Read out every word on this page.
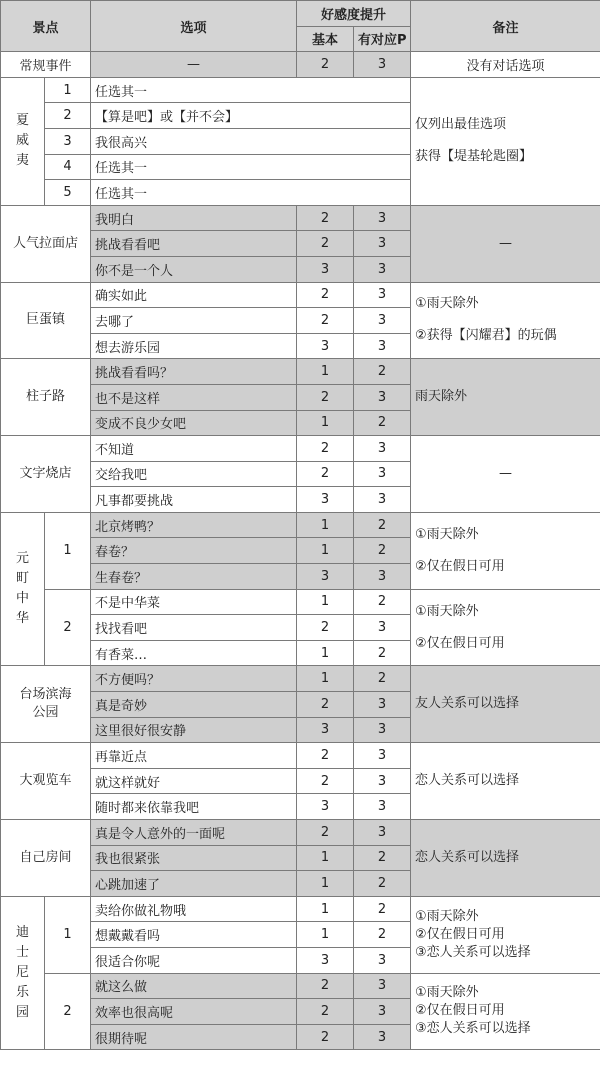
景点		选项	好感度提升		备注
			基本	有对应P	
常规事件		—	2	3	没有对话选项
夏威夷	1	任选其一			仅列出最佳选项
获得【堤基轮匙圈】

	2	【算是吧】或【并不会】			
	3	我很高兴			
	4	任选其一			
	5	任选其一			
人气拉面店		我明白	2	3	—

		挑战看看吧	2	3	
		你不是一个人	3	3	
巨蛋镇		确实如此	2	3	①雨天除外
②获得【闪耀君】的玩偶

		去哪了	2	3	
		想去游乐园	3	3	
柱子路		挑战看看吗？	1	2	雨天除外

		也不是这样	2	3	
		变成不良少女吧	1	2	
文字烧店		不知道	2	3	—

		交给我吧	2	3	
		凡事都要挑战	3	3	
元町中华	1	北京烤鸭？	1	2	①雨天除外
②仅在假日可用

		春卷？	1	2	
		生春卷？	3	3	
	2	不是中华菜	1	2	①雨天除外
②仅在假日可用

		找找看吧	2	3	
		有香菜…	1	2	

台场滨海
公园		不方便吗？	1	2	友人关系可以选择

		真是奇妙	2	3	
		这里很好很安静	3	3	

大观览车		再靠近点	2	3	恋人关系可以选择

		就这样就好	2	3	
		随时都来依靠我吧	3	3	

自己房间		真是令人意外的一面呢	2	3	恋人关系可以选择

		我也很紧张	1	2	
		心跳加速了	1	2	
迪士尼乐园	1	卖给你做礼物哦	1	2	①雨天除外
②仅在假日可用
③恋人关系可以选择

		想戴戴看吗	1	2	
		很适合你呢	3	3	
	2	就这么做	2	3	①雨天除外
②仅在假日可用
③恋人关系可以选择

		效率也很高呢	2	3	
		很期待呢	2	3	
